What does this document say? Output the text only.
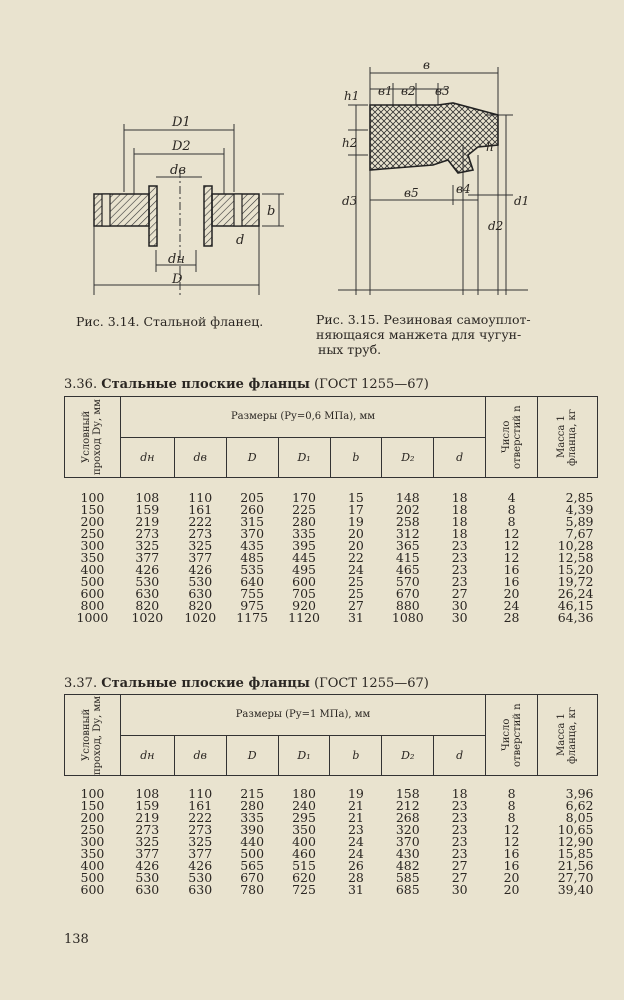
D1
D2
dв
b
d
dн
D
Рис. 3.14. Стальной фланец.
в
в1 в2 в3
в4
в5
h
h1
h2
d3
d2
d1
Рис. 3.15. Резиновая самоуплот-
няющаяся манжета для чугун-
ных труб.
3.36. Стальные плоские фланцы (ГОСТ 1255—67)
Условный проход Dу, мм	Размеры (Pу=0,6 МПа), мм							Число отверстий n	Масса 1 фланца, кг

	dн	dв	D	D₁	b	D₂	d		

100	108	110	205	170	15	148	18	4	2,85
150	159	161	260	225	17	202	18	8	4,39
200	219	222	315	280	19	258	18	8	5,89
250	273	273	370	335	20	312	18	12	7,67
300	325	325	435	395	20	365	23	12	10,28
350	377	377	485	445	22	415	23	12	12,58
400	426	426	535	495	24	465	23	16	15,20
500	530	530	640	600	25	570	23	16	19,72
600	630	630	755	705	25	670	27	20	26,24
800	820	820	975	920	27	880	30	24	46,15
1000	1020	1020	1175	1120	31	1080	30	28	64,36
3.37. Стальные плоские фланцы (ГОСТ 1255—67)
Условный проход, Dу, мм	Размеры (Pу=1 МПа), мм							Число отверстий n	Масса 1 фланца, кг

	dн	dв	D	D₁	b	D₂	d		

100	108	110	215	180	19	158	18	8	3,96
150	159	161	280	240	21	212	23	8	6,62
200	219	222	335	295	21	268	23	8	8,05
250	273	273	390	350	23	320	23	12	10,65
300	325	325	440	400	24	370	23	12	12,90
350	377	377	500	460	24	430	23	16	15,85
400	426	426	565	515	26	482	27	16	21,56
500	530	530	670	620	28	585	27	20	27,70
600	630	630	780	725	31	685	30	20	39,40
138
